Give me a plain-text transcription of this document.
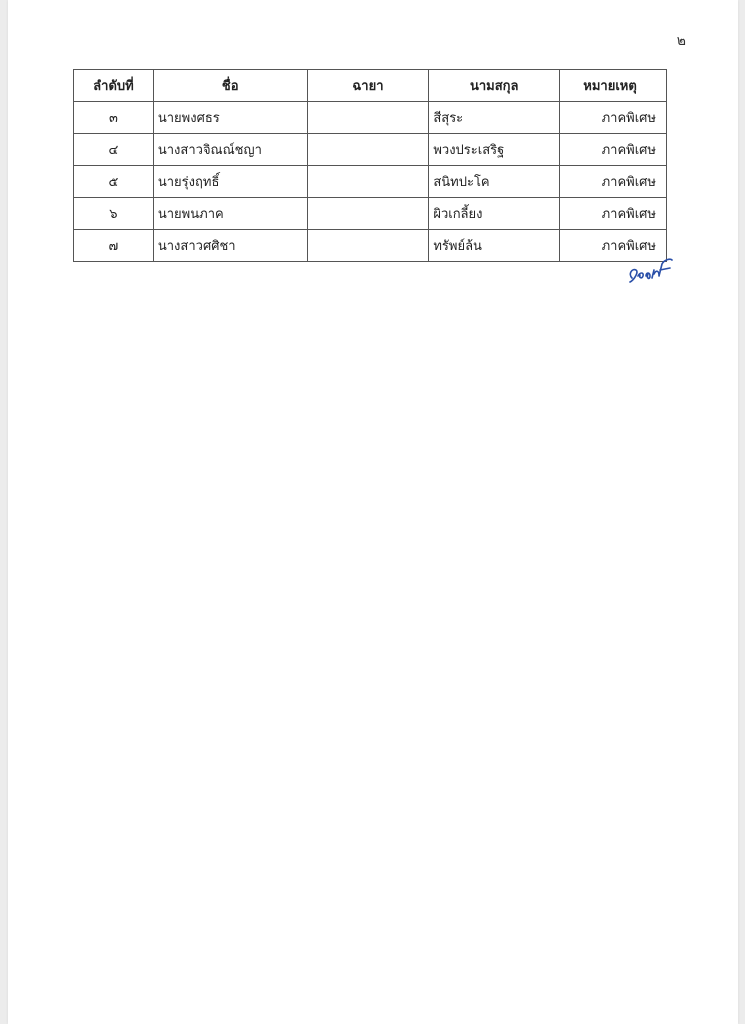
๒
ลำดับที่	ชื่อ	ฉายา	นามสกุล	หมายเหตุ
๓	นายพงศธร		สีสุระ	ภาคพิเศษ
๔	นางสาวจิณณ์ชญา		พวงประเสริฐ	ภาคพิเศษ
๕	นายรุ่งฤทธิ์		สนิทปะโค	ภาคพิเศษ
๖	นายพนภาค		ผิวเกลี้ยง	ภาคพิเศษ
๗	นางสาวศศิชา		ทรัพย์ล้น	ภาคพิเศษ
